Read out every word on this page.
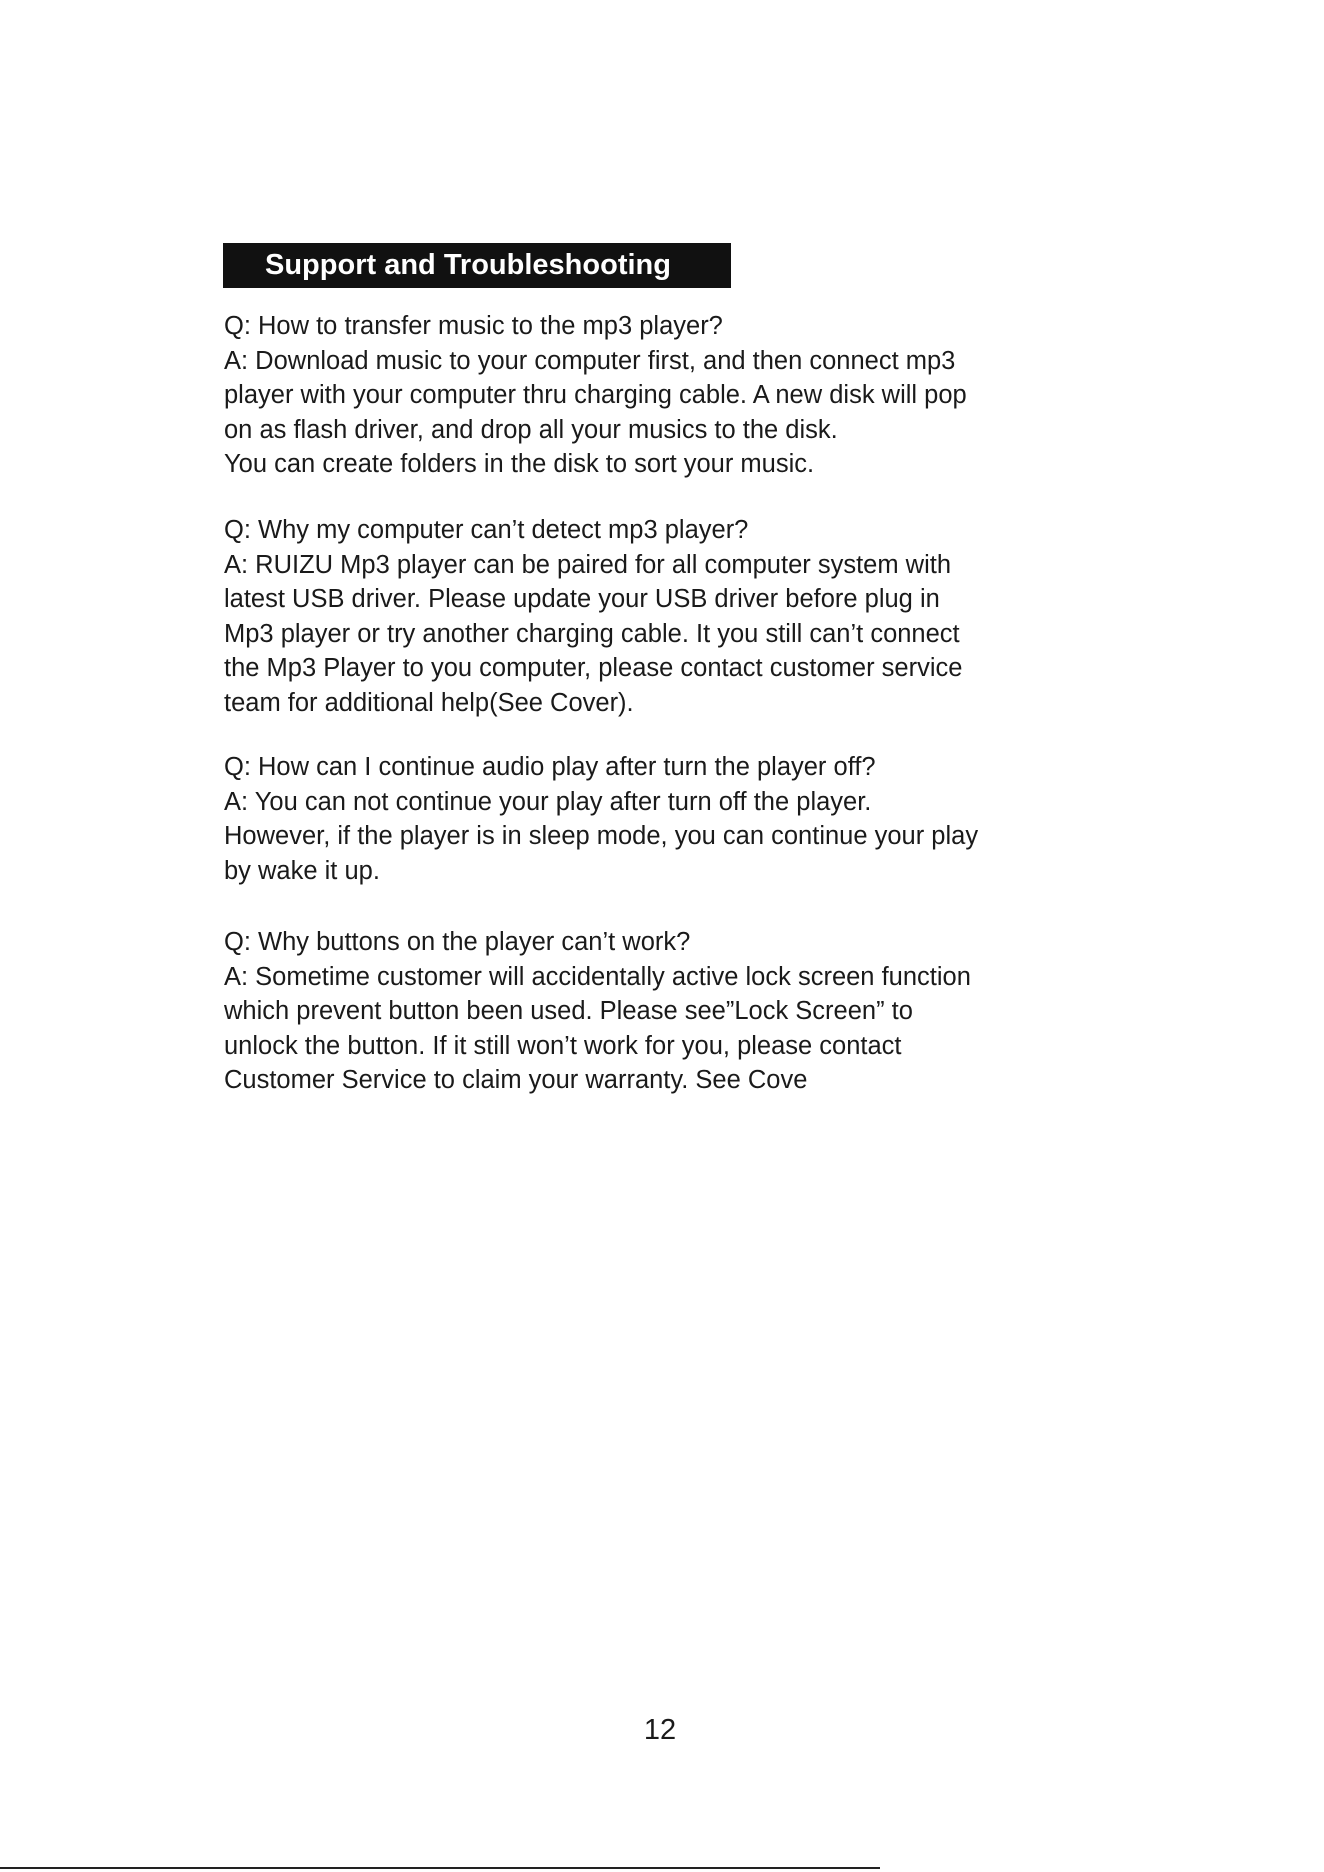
Support and Troubleshooting
Q: How to transfer music to the mp3 player?
A: Download music to your computer first, and then connect mp3
player with your computer thru charging cable. A new disk will pop
on as flash driver, and drop all your musics to the disk.
You can create folders in the disk to sort your music.
Q: Why my computer can’t detect mp3 player?
A: RUIZU Mp3 player can be paired for all computer system with
latest USB driver. Please update your USB driver before plug in
Mp3 player or try another charging cable. It you still can’t connect
the Mp3 Player to you computer, please contact customer service
team for additional help(See Cover).
Q: How can I continue audio play after turn the player off?
A: You can not continue your play after turn off the player.
However, if the player is in sleep mode, you can continue your play
by wake it up.
Q: Why buttons on the player can’t work?
A: Sometime customer will accidentally active lock screen function
which prevent button been used. Please see”Lock Screen” to
unlock the button. If it still won’t work for you, please contact
Customer Service to claim your warranty. See Cove
12
